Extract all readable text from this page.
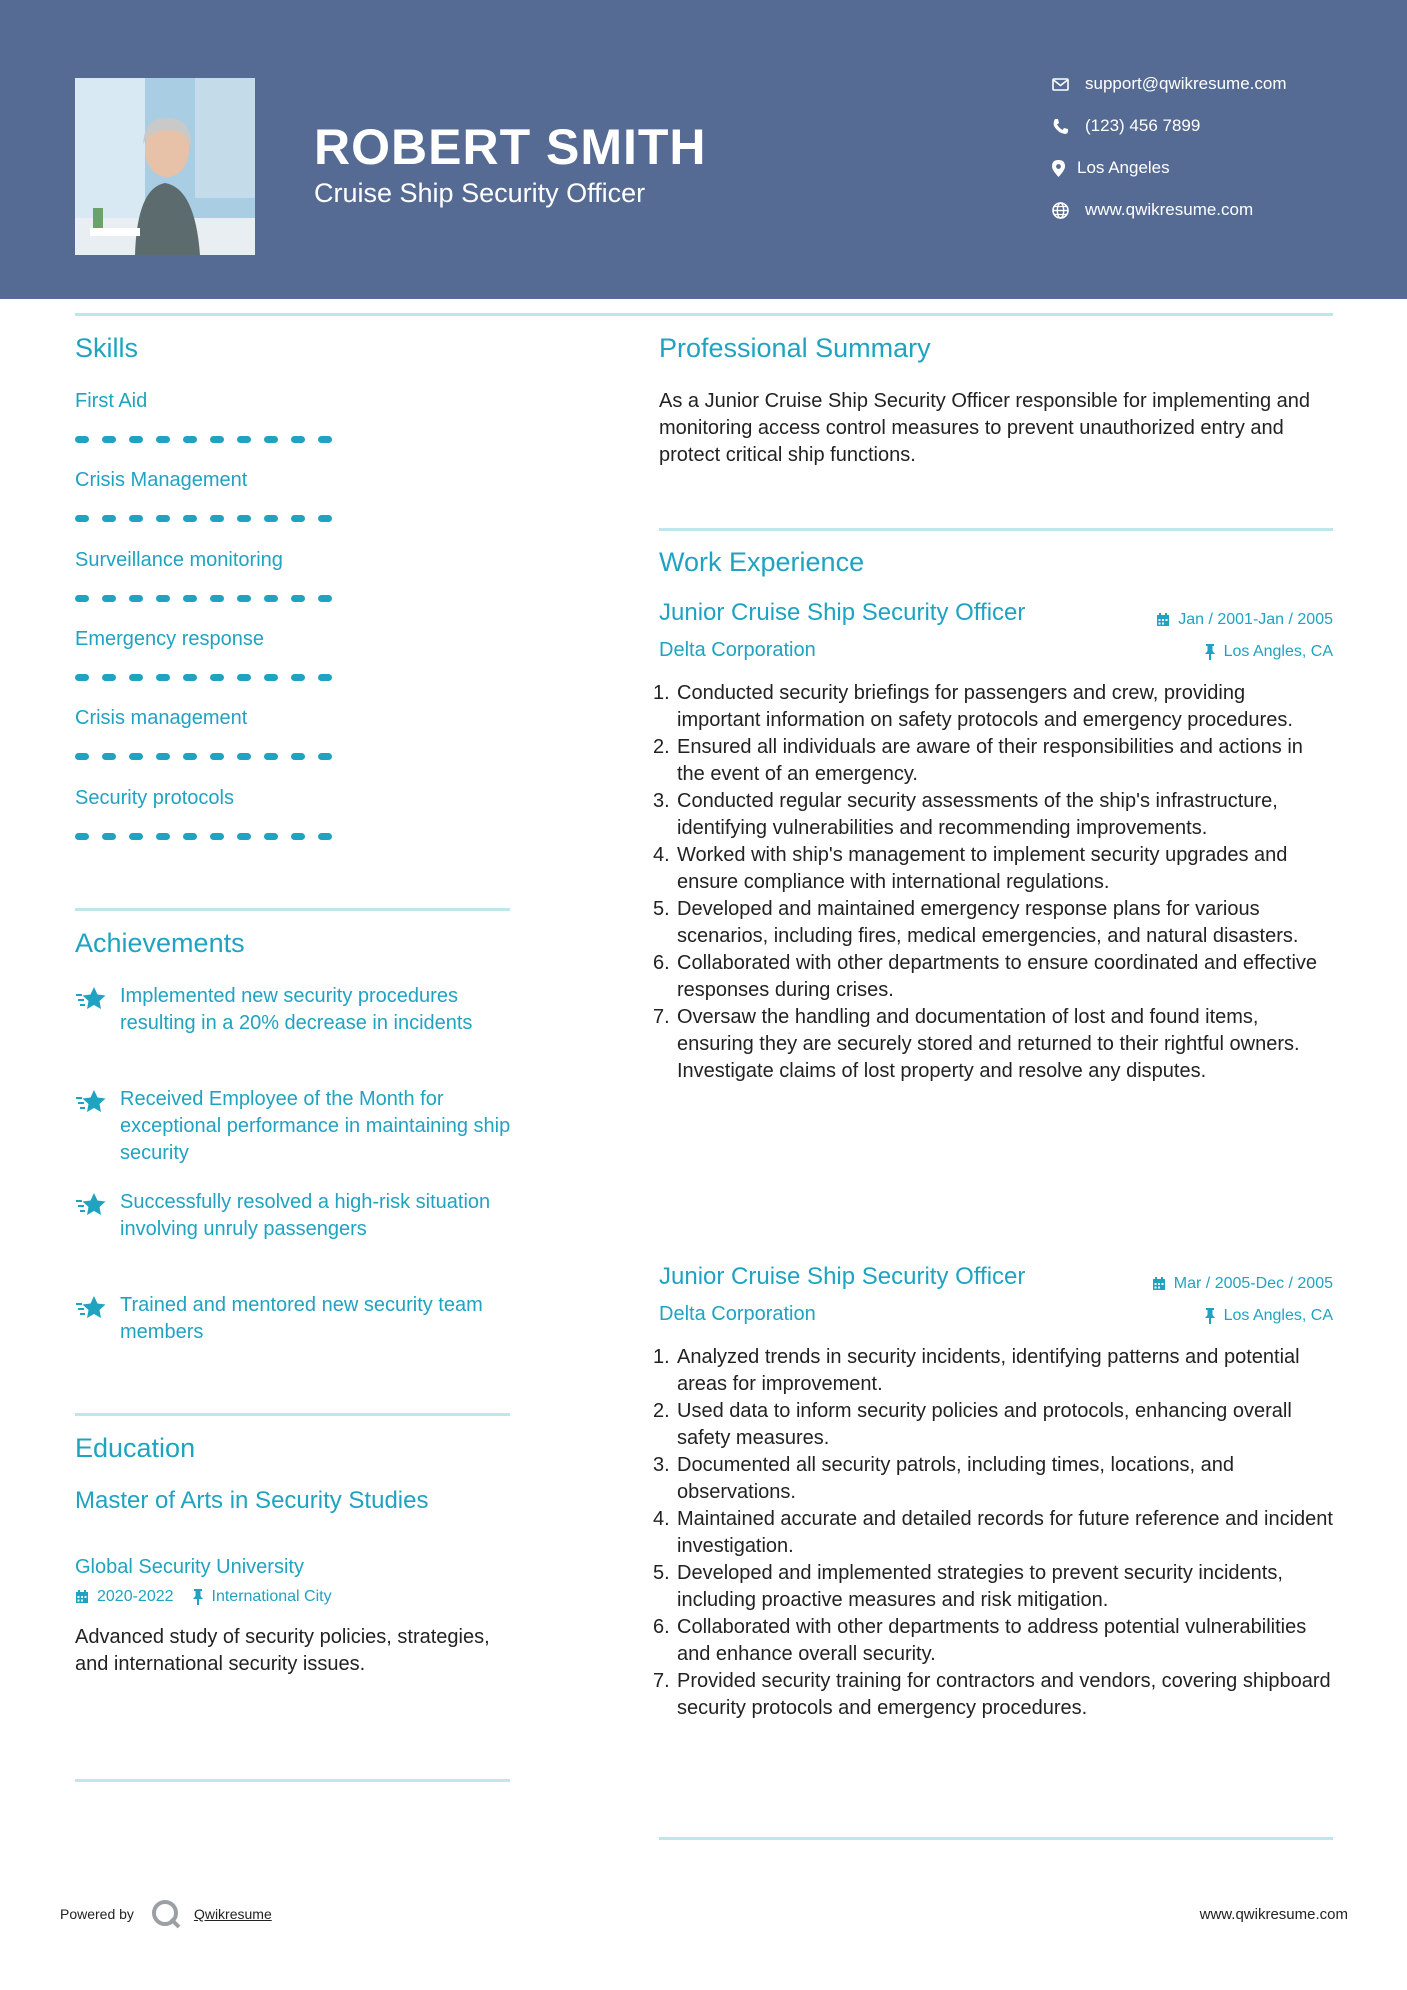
ROBERT SMITH
Cruise Ship Security Officer
support@qwikresume.com
(123) 456 7899
Los Angeles
www.qwikresume.com
Skills
First Aid
Crisis Management
Surveillance monitoring
Emergency response
Crisis management
Security protocols
Achievements
Implemented new security procedures resulting in a 20% decrease in incidents
Received Employee of the Month for exceptional performance in maintaining ship security
Successfully resolved a high-risk situation involving unruly passengers
Trained and mentored new security team members
Education
Master of Arts in Security Studies
Global Security University
2020-2022 International City
Advanced study of security policies, strategies, and international security issues.
Professional Summary
As a Junior Cruise Ship Security Officer responsible for implementing and monitoring access control measures to prevent unauthorized entry and protect critical ship functions.
Work Experience
Junior Cruise Ship Security Officer	Jan / 2001-Jan / 2005
Delta Corporation	Los Angles, CA
1. Conducted security briefings for passengers and crew, providing important information on safety protocols and emergency procedures.
2. Ensured all individuals are aware of their responsibilities and actions in the event of an emergency.
3. Conducted regular security assessments of the ship's infrastructure, identifying vulnerabilities and recommending improvements.
4. Worked with ship's management to implement security upgrades and ensure compliance with international regulations.
5. Developed and maintained emergency response plans for various scenarios, including fires, medical emergencies, and natural disasters.
6. Collaborated with other departments to ensure coordinated and effective responses during crises.
7. Oversaw the handling and documentation of lost and found items, ensuring they are securely stored and returned to their rightful owners. Investigate claims of lost property and resolve any disputes.
Junior Cruise Ship Security Officer	Mar / 2005-Dec / 2005
Delta Corporation	Los Angles, CA
1. Analyzed trends in security incidents, identifying patterns and potential areas for improvement.
2. Used data to inform security policies and protocols, enhancing overall safety measures.
3. Documented all security patrols, including times, locations, and observations.
4. Maintained accurate and detailed records for future reference and incident investigation.
5. Developed and implemented strategies to prevent security incidents, including proactive measures and risk mitigation.
6. Collaborated with other departments to address potential vulnerabilities and enhance overall security.
7. Provided security training for contractors and vendors, covering shipboard security protocols and emergency procedures.
Powered by	Qwikresume	www.qwikresume.com
